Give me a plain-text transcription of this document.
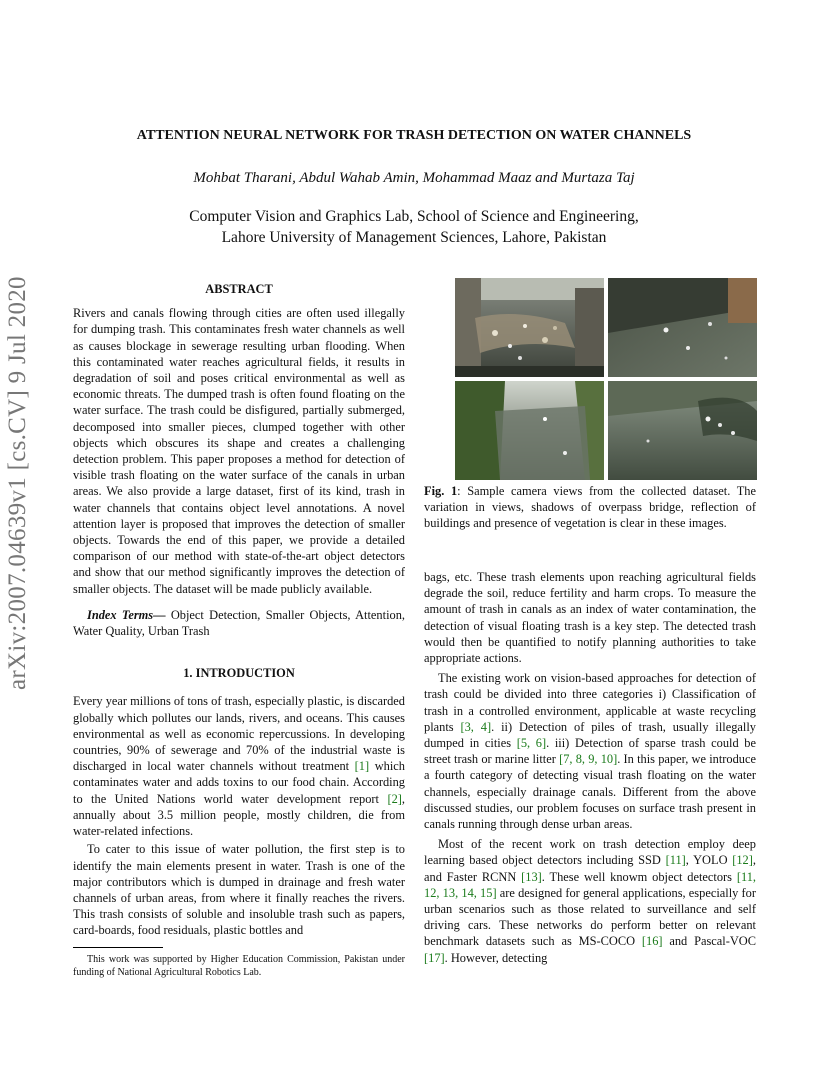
arXiv:2007.04639v1 [cs.CV] 9 Jul 2020
ATTENTION NEURAL NETWORK FOR TRASH DETECTION ON WATER CHANNELS
Mohbat Tharani, Abdul Wahab Amin, Mohammad Maaz and Murtaza Taj
Computer Vision and Graphics Lab, School of Science and Engineering,
Lahore University of Management Sciences, Lahore, Pakistan
ABSTRACT

Rivers and canals flowing through cities are often used illegally for dumping trash. This contaminates fresh water channels as well as causes blockage in sewerage resulting urban flooding. When this contaminated water reaches agricultural fields, it results in degradation of soil and poses critical environmental as well as economic threats. The dumped trash is often found floating on the water surface. The trash could be disfigured, partially submerged, decomposed into smaller pieces, clumped together with other objects which obscures its shape and creates a challenging detection problem. This paper proposes a method for detection of visible trash floating on the water surface of the canals in urban areas. We also provide a large dataset, first of its kind, trash in water channels that contains object level annotations. A novel attention layer is proposed that improves the detection of smaller objects. Towards the end of this paper, we provide a detailed comparison of our method with state-of-the-art object detectors and show that our method significantly improves the detection of smaller objects. The dataset will be made publicly available.

Index Terms— Object Detection, Smaller Objects, Attention, Water Quality, Urban Trash

1. INTRODUCTION

Every year millions of tons of trash, especially plastic, is discarded globally which pollutes our lands, rivers, and oceans. This causes environmental as well as economic repercussions. In developing countries, 90% of sewerage and 70% of the industrial waste is discharged in local water channels without treatment [1] which contaminates water and adds toxins to our food chain. According to the United Nations world water development report [2], annually about 3.5 million people, mostly children, die from water-related infections.

To cater to this issue of water pollution, the first step is to identify the main elements present in water. Trash is one of the major contributors which is dumped in drainage and fresh water channels of urban areas, from where it finally reaches the rivers. This trash consists of soluble and insoluble trash such as papers, card-boards, food residuals, plastic bottles and

This work was supported by Higher Education Commission, Pakistan under funding of National Agricultural Robotics Lab.

Fig. 1: Sample camera views from the collected dataset. The variation in views, shadows of overpass bridge, reflection of buildings and presence of vegetation is clear in these images.

bags, etc. These trash elements upon reaching agricultural fields degrade the soil, reduce fertility and harm crops. To measure the amount of trash in canals as an index of water contamination, the detection of visual floating trash is a key step. The detected trash would then be quantified to notify planning authorities to take appropriate actions.

The existing work on vision-based approaches for detection of trash could be divided into three categories i) Classification of trash in a controlled environment, applicable at waste recycling plants [3, 4]. ii) Detection of piles of trash, usually illegally dumped in cities [5, 6]. iii) Detection of sparse trash could be street trash or marine litter [7, 8, 9, 10]. In this paper, we introduce a fourth category of detecting visual trash floating on the water channels, especially drainage canals. Different from the above discussed studies, our problem focuses on surface trash present in canals running through dense urban areas.

Most of the recent work on trash detection employ deep learning based object detectors including SSD [11], YOLO [12], and Faster RCNN [13]. These well knowm object detectors [11, 12, 13, 14, 15] are designed for general applications, especially for urban scenarios such as those related to surveillance and self driving cars. These networks do perform better on relevant benchmark datasets such as MS-COCO [16] and Pascal-VOC [17]. However, detecting
